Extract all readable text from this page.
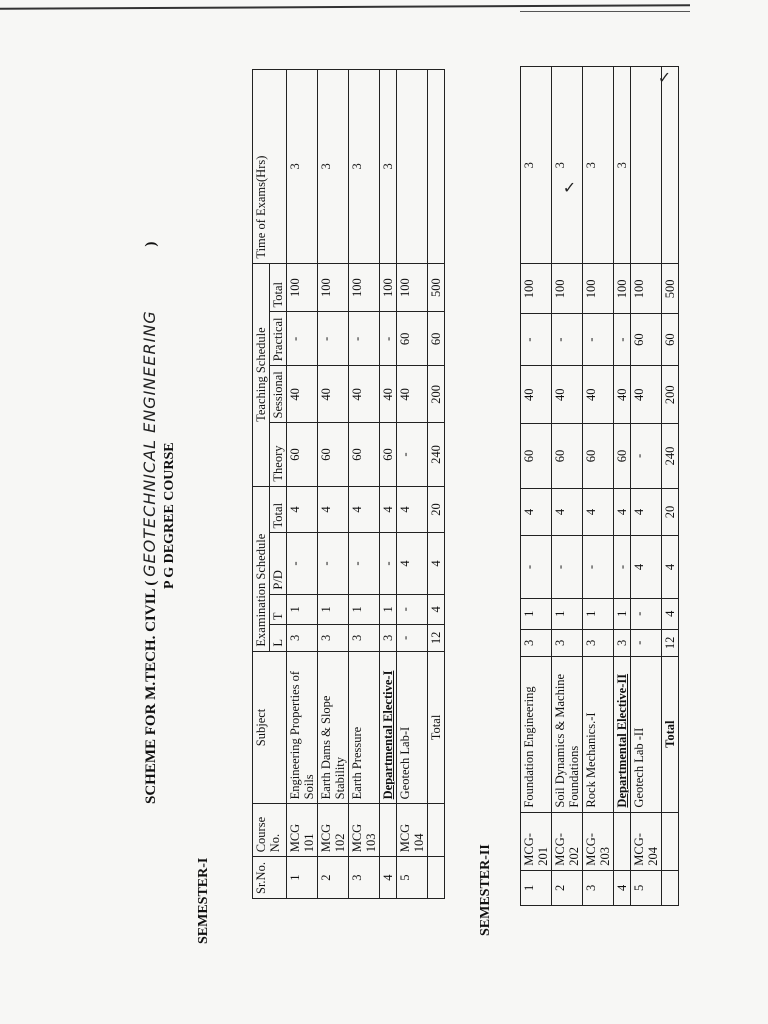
SCHEME FOR M.TECH. CIVIL ( GEOTECHNICAL ENGINEERING )
P G DEGREE COURSE
SEMESTER-I	Sr.No.	Course No.	Subject	Examination Schedule				Teaching Schedule				Time of Exams(Hrs)
			L	T	P/D	Total	Theory	Sessional	Practical	Total	
1	MCG 101	Engineering Properties of Soils	3	1	-	4	60	40	-	100	3
2	MCG 102	Earth Dams & Slope Stability	3	1	-	4	60	40	-	100	3
3	MCG 103	Earth Pressure	3	1	-	4	60	40	-	100	3
4		Departmental Elective-I	3	1	-	4	60	40	-	100	3
5	MCG 104	Geotech Lab-I	-	-	4	4	-	40	60	100	
		Total	12	4	4	20	240	200	60	500	
SEMESTER-II 1	MCG-201	Foundation Engineering	3	1	-	4	60	40	-	100	3
2	MCG- 202	Soil Dynamics & Machine Foundations	3	1	-	4	60	40	-	100	3
3	MCG-203	Rock Mechanics.-I	3	1	-	4	60	40	-	100	3
4		Departmental Elective-II	3	1	-	4	60	40	-	100	3
5	MCG- 204	Geotech Lab -II	-	-	4	4	-	40	60	100	
		Total	12	4	4	20	240	200	60	500	
✓
✓
